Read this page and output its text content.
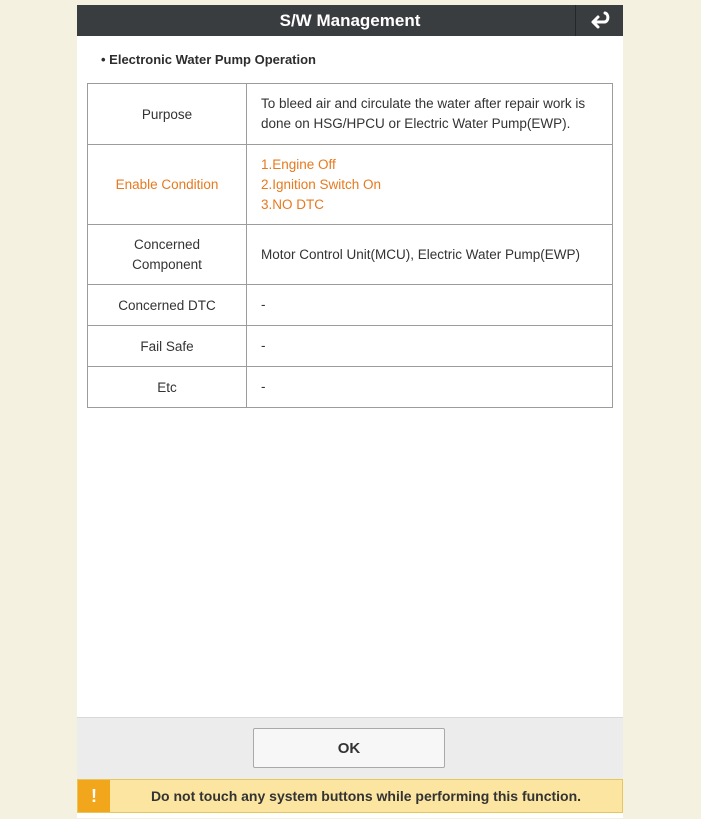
S/W Management
• Electronic Water Pump Operation
Purpose	To bleed air and circulate the water after repair work is
done on HSG/HPCU or Electric Water Pump(EWP).

Enable Condition	1.Engine Off
2.Ignition Switch On
3.NO DTC

Concerned
Component	Motor Control Unit(MCU), Electric Water Pump(EWP)

Concerned DTC	-
Fail Safe	-
Etc	-
OK
!	Do not touch any system buttons while performing this function.
